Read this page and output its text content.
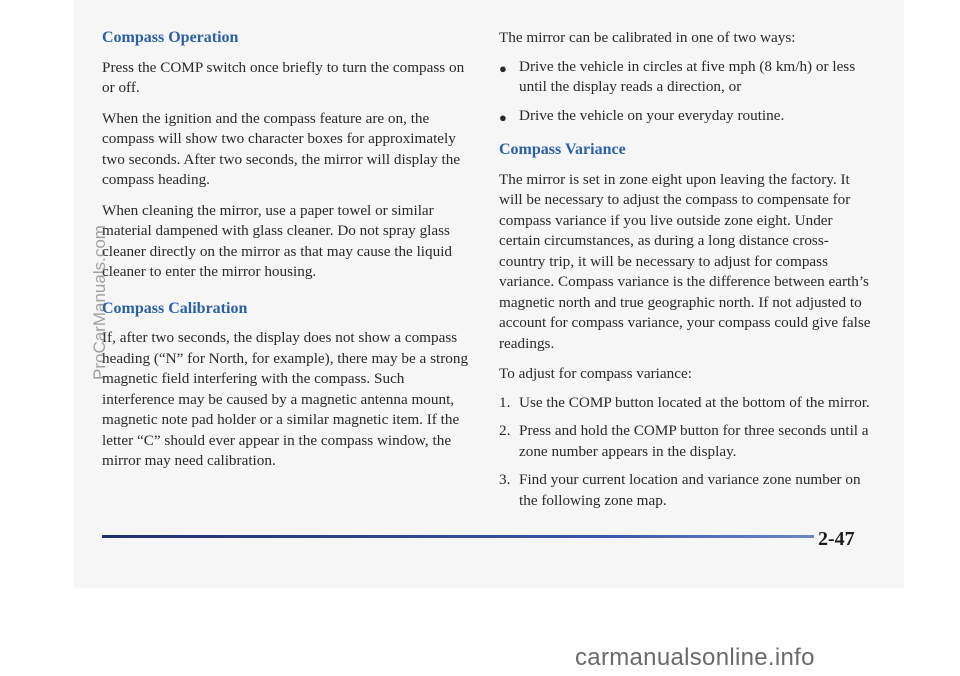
Compass Operation

Press the COMP switch once briefly to turn the compass on or off.

When the ignition and the compass feature are on, the compass will show two character boxes for approximately two seconds. After two seconds, the mirror will display the compass heading.

When cleaning the mirror, use a paper towel or similar material dampened with glass cleaner. Do not spray glass cleaner directly on the mirror as that may cause the liquid cleaner to enter the mirror housing.

Compass Calibration

If, after two seconds, the display does not show a compass heading (“N” for North, for example), there may be a strong magnetic field interfering with the compass. Such interference may be caused by a magnetic antenna mount, magnetic note pad holder or a similar magnetic item. If the letter “C” should ever appear in the compass window, the mirror may need calibration.

The mirror can be calibrated in one of two ways:

● Drive the vehicle in circles at five mph (8 km/h) or less until the display reads a direction, or
● Drive the vehicle on your everyday routine.
Compass Variance

The mirror is set in zone eight upon leaving the factory. It will be necessary to adjust the compass to compensate for compass variance if you live outside zone eight. Under certain circumstances, as during a long distance cross-country trip, it will be necessary to adjust for compass variance. Compass variance is the difference between earth’s magnetic north and true geographic north. If not adjusted to account for compass variance, your compass could give false readings.

To adjust for compass variance:

1. Use the COMP button located at the bottom of the mirror.
2. Press and hold the COMP button for three seconds until a zone number appears in the display.
3. Find your current location and variance zone number on the following zone map.
2-47
ProCarManuals.com
carmanualsonline.info
